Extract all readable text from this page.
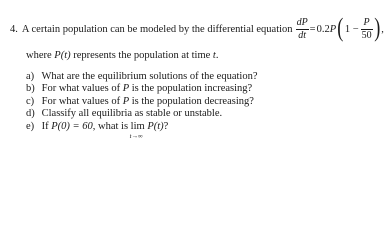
4. A certain population can be modeled by the differential equation $\frac{dP}{dt} = 0.2$ P ( $1 - \frac{P}{50}$ ) ,
where P(t) represents the population at time t.
a) What are the equilibrium solutions of the equation?
b) For what values of P is the population increasing?
c) For what values of P is the population decreasing?
d) Classify all equilibria as stable or unstable.
e) If P(0) = 60, what is lim
t→∞
P(t)?
